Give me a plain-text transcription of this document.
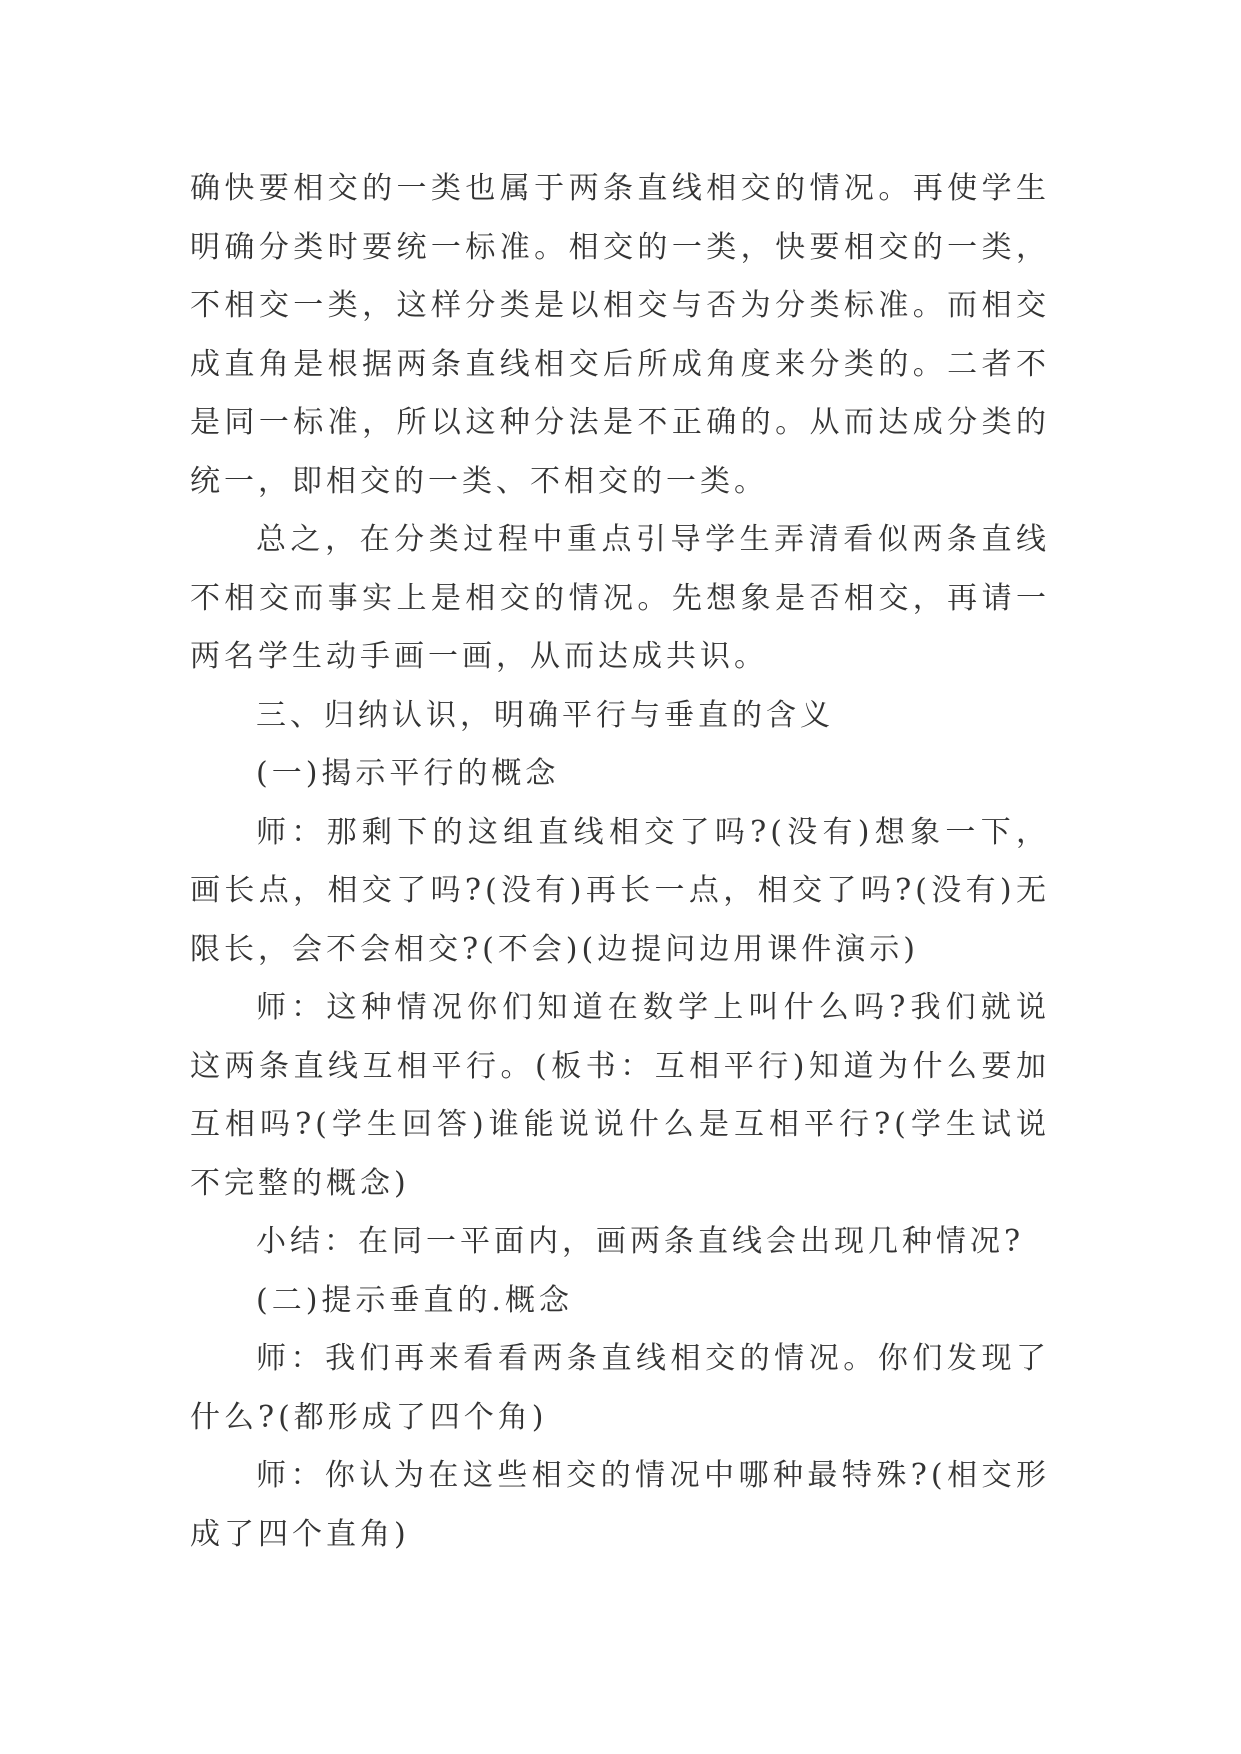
确快要相交的一类也属于两条直线相交的情况。再使学生明确分类时要统一标准。相交的一类，快要相交的一类，不相交一类，这样分类是以相交与否为分类标准。而相交成直角是根据两条直线相交后所成角度来分类的。二者不是同一标准，所以这种分法是不正确的。从而达成分类的统一，即相交的一类、不相交的一类。

总之，在分类过程中重点引导学生弄清看似两条直线不相交而事实上是相交的情况。先想象是否相交，再请一两名学生动手画一画，从而达成共识。

三、归纳认识，明确平行与垂直的含义

(一)揭示平行的概念

师：那剩下的这组直线相交了吗?(没有)想象一下，画长点，相交了吗?(没有)再长一点，相交了吗?(没有)无限长，会不会相交?(不会)(边提问边用课件演示)

师：这种情况你们知道在数学上叫什么吗?我们就说这两条直线互相平行。(板书：互相平行)知道为什么要加互相吗?(学生回答)谁能说说什么是互相平行?(学生试说不完整的概念)

小结：在同一平面内，画两条直线会出现几种情况?

(二)提示垂直的.概念

师：我们再来看看两条直线相交的情况。你们发现了什么?(都形成了四个角)

师：你认为在这些相交的情况中哪种最特殊?(相交形成了四个直角)
